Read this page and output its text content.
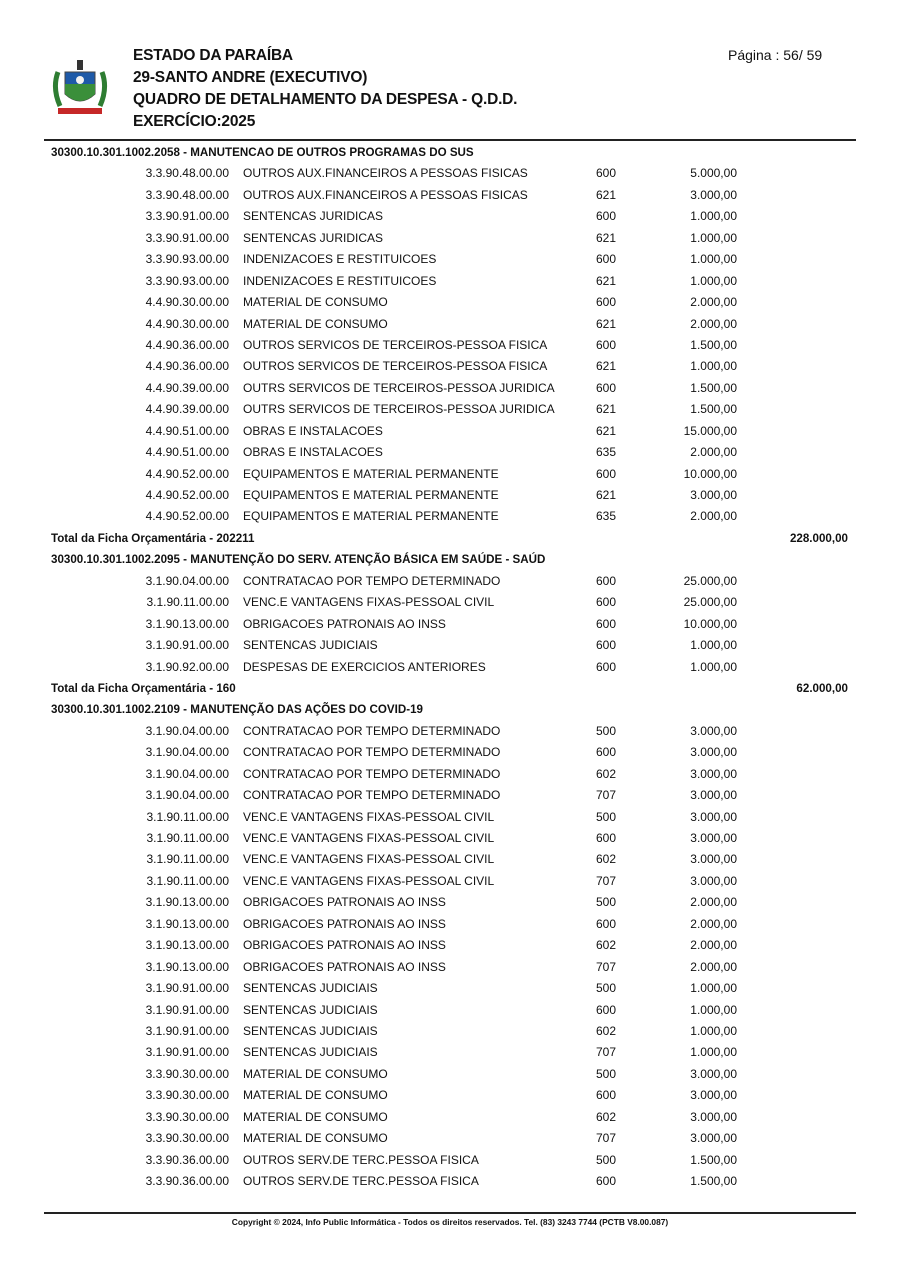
ESTADO DA PARAÍBA
29-SANTO ANDRE (EXECUTIVO)
QUADRO DE DETALHAMENTO DA DESPESA - Q.D.D.
EXERCÍCIO:2025
Página : 56/ 59
30300.10.301.1002.2058 - MANUTENCAO DE OUTROS PROGRAMAS DO SUS
3.3.90.48.00.00 OUTROS AUX.FINANCEIROS A PESSOAS FISICAS	600	5.000,00
3.3.90.48.00.00 OUTROS AUX.FINANCEIROS A PESSOAS FISICAS	621	3.000,00
3.3.90.91.00.00 SENTENCAS JURIDICAS	600	1.000,00
3.3.90.91.00.00 SENTENCAS JURIDICAS	621	1.000,00
3.3.90.93.00.00 INDENIZACOES E RESTITUICOES	600	1.000,00
3.3.90.93.00.00 INDENIZACOES E RESTITUICOES	621	1.000,00
4.4.90.30.00.00 MATERIAL DE CONSUMO	600	2.000,00
4.4.90.30.00.00 MATERIAL DE CONSUMO	621	2.000,00
4.4.90.36.00.00 OUTROS SERVICOS DE TERCEIROS-PESSOA FISICA	600	1.500,00
4.4.90.36.00.00 OUTROS SERVICOS DE TERCEIROS-PESSOA FISICA	621	1.000,00
4.4.90.39.00.00 OUTRS SERVICOS DE TERCEIROS-PESSOA JURIDICA	600	1.500,00
4.4.90.39.00.00 OUTRS SERVICOS DE TERCEIROS-PESSOA JURIDICA	621	1.500,00
4.4.90.51.00.00 OBRAS E INSTALACOES	621	15.000,00
4.4.90.51.00.00 OBRAS E INSTALACOES	635	2.000,00
4.4.90.52.00.00 EQUIPAMENTOS E MATERIAL PERMANENTE	600	10.000,00
4.4.90.52.00.00 EQUIPAMENTOS E MATERIAL PERMANENTE	621	3.000,00
4.4.90.52.00.00 EQUIPAMENTOS E MATERIAL PERMANENTE	635	2.000,00
Total da Ficha Orçamentária - 202211	228.000,00
30300.10.301.1002.2095 - MANUTENÇÃO DO SERV. ATENÇÃO BÁSICA EM SAÚDE - SAÚD
3.1.90.04.00.00 CONTRATACAO POR TEMPO DETERMINADO	600	25.000,00
3.1.90.11.00.00 VENC.E VANTAGENS FIXAS-PESSOAL CIVIL	600	25.000,00
3.1.90.13.00.00 OBRIGACOES PATRONAIS AO INSS	600	10.000,00
3.1.90.91.00.00 SENTENCAS JUDICIAIS	600	1.000,00
3.1.90.92.00.00 DESPESAS DE EXERCICIOS ANTERIORES	600	1.000,00
Total da Ficha Orçamentária - 160	62.000,00
30300.10.301.1002.2109 - MANUTENÇÃO DAS AÇÕES DO COVID-19
3.1.90.04.00.00 CONTRATACAO POR TEMPO DETERMINADO	500	3.000,00
3.1.90.04.00.00 CONTRATACAO POR TEMPO DETERMINADO	600	3.000,00
3.1.90.04.00.00 CONTRATACAO POR TEMPO DETERMINADO	602	3.000,00
3.1.90.04.00.00 CONTRATACAO POR TEMPO DETERMINADO	707	3.000,00
3.1.90.11.00.00 VENC.E VANTAGENS FIXAS-PESSOAL CIVIL	500	3.000,00
3.1.90.11.00.00 VENC.E VANTAGENS FIXAS-PESSOAL CIVIL	600	3.000,00
3.1.90.11.00.00 VENC.E VANTAGENS FIXAS-PESSOAL CIVIL	602	3.000,00
3.1.90.11.00.00 VENC.E VANTAGENS FIXAS-PESSOAL CIVIL	707	3.000,00
3.1.90.13.00.00 OBRIGACOES PATRONAIS AO INSS	500	2.000,00
3.1.90.13.00.00 OBRIGACOES PATRONAIS AO INSS	600	2.000,00
3.1.90.13.00.00 OBRIGACOES PATRONAIS AO INSS	602	2.000,00
3.1.90.13.00.00 OBRIGACOES PATRONAIS AO INSS	707	2.000,00
3.1.90.91.00.00 SENTENCAS JUDICIAIS	500	1.000,00
3.1.90.91.00.00 SENTENCAS JUDICIAIS	600	1.000,00
3.1.90.91.00.00 SENTENCAS JUDICIAIS	602	1.000,00
3.1.90.91.00.00 SENTENCAS JUDICIAIS	707	1.000,00
3.3.90.30.00.00 MATERIAL DE CONSUMO	500	3.000,00
3.3.90.30.00.00 MATERIAL DE CONSUMO	600	3.000,00
3.3.90.30.00.00 MATERIAL DE CONSUMO	602	3.000,00
3.3.90.30.00.00 MATERIAL DE CONSUMO	707	3.000,00
3.3.90.36.00.00 OUTROS SERV.DE TERC.PESSOA FISICA	500	1.500,00
3.3.90.36.00.00 OUTROS SERV.DE TERC.PESSOA FISICA	600	1.500,00
Copyright © 2024, Info Public Informática - Todos os direitos reservados. Tel. (83) 3243 7744 (PCTB V8.00.087)
